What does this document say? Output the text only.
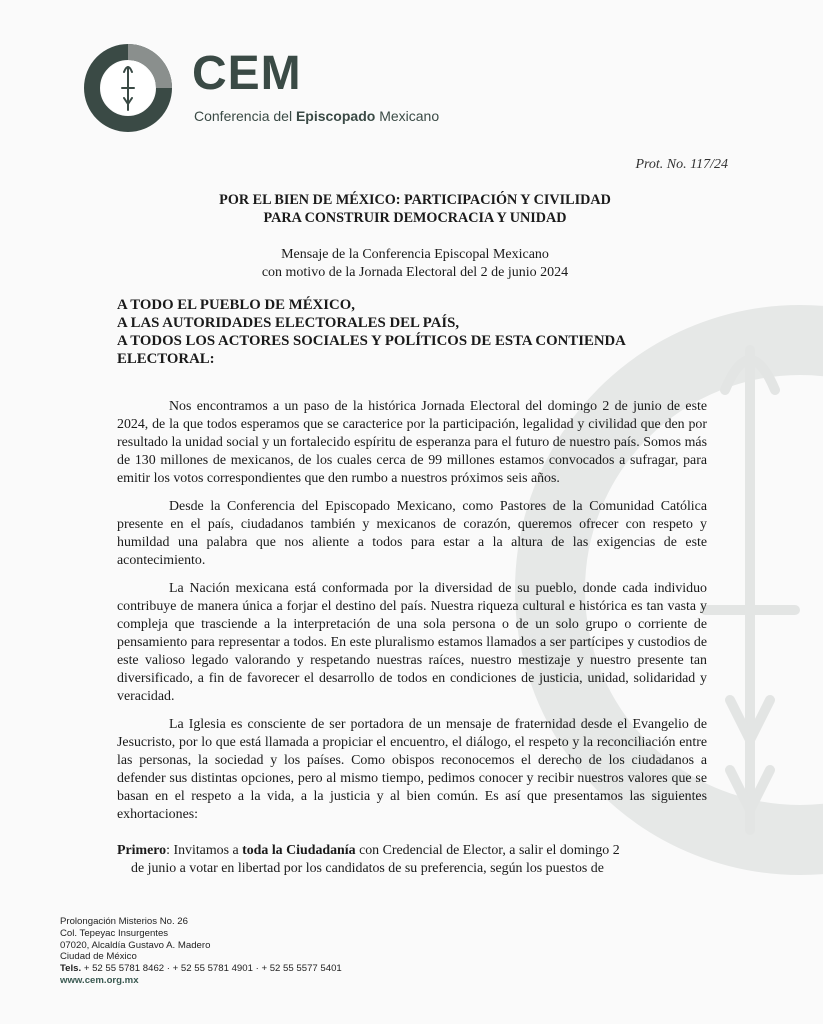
CEM
Conferencia del Episcopado Mexicano
Prot. No. 117/24
POR EL BIEN DE MÉXICO: PARTICIPACIÓN Y CIVILIDAD
PARA CONSTRUIR DEMOCRACIA Y UNIDAD
Mensaje de la Conferencia Episcopal Mexicano
con motivo de la Jornada Electoral del 2 de junio 2024
A TODO EL PUEBLO DE MÉXICO,
A LAS AUTORIDADES ELECTORALES DEL PAÍS,
A TODOS LOS ACTORES SOCIALES Y POLÍTICOS DE ESTA CONTIENDA
ELECTORAL:

Nos encontramos a un paso de la histórica Jornada Electoral del domingo 2 de junio de este 2024, de la que todos esperamos que se caracterice por la participación, legalidad y civilidad que den por resultado la unidad social y un fortalecido espíritu de esperanza para el futuro de nuestro país. Somos más de 130 millones de mexicanos, de los cuales cerca de 99 millones estamos convocados a sufragar, para emitir los votos correspondientes que den rumbo a nuestros próximos seis años.

Desde la Conferencia del Episcopado Mexicano, como Pastores de la Comunidad Católica presente en el país, ciudadanos también y mexicanos de corazón, queremos ofrecer con respeto y humildad una palabra que nos aliente a todos para estar a la altura de las exigencias de este acontecimiento.

La Nación mexicana está conformada por la diversidad de su pueblo, donde cada individuo contribuye de manera única a forjar el destino del país. Nuestra riqueza cultural e histórica es tan vasta y compleja que trasciende a la interpretación de una sola persona o de un solo grupo o corriente de pensamiento para representar a todos. En este pluralismo estamos llamados a ser partícipes y custodios de este valioso legado valorando y respetando nuestras raíces, nuestro mestizaje y nuestro presente tan diversificado, a fin de favorecer el desarrollo de todos en condiciones de justicia, unidad, solidaridad y veracidad.

La Iglesia es consciente de ser portadora de un mensaje de fraternidad desde el Evangelio de Jesucristo, por lo que está llamada a propiciar el encuentro, el diálogo, el respeto y la reconciliación entre las personas, la sociedad y los países. Como obispos reconocemos el derecho de los ciudadanos a defender sus distintas opciones, pero al mismo tiempo, pedimos conocer y recibir nuestros valores que se basan en el respeto a la vida, a la justicia y al bien común. Es así que presentamos las siguientes exhortaciones:

Primero: Invitamos a toda la Ciudadanía con Credencial de Elector, a salir el domingo 2
de junio a votar en libertad por los candidatos de su preferencia, según los puestos de
Prolongación Misterios No. 26
Col. Tepeyac Insurgentes
07020, Alcaldía Gustavo A. Madero
Ciudad de México
Tels. + 52 55 5781 8462 · + 52 55 5781 4901 · + 52 55 5577 5401
www.cem.org.mx
